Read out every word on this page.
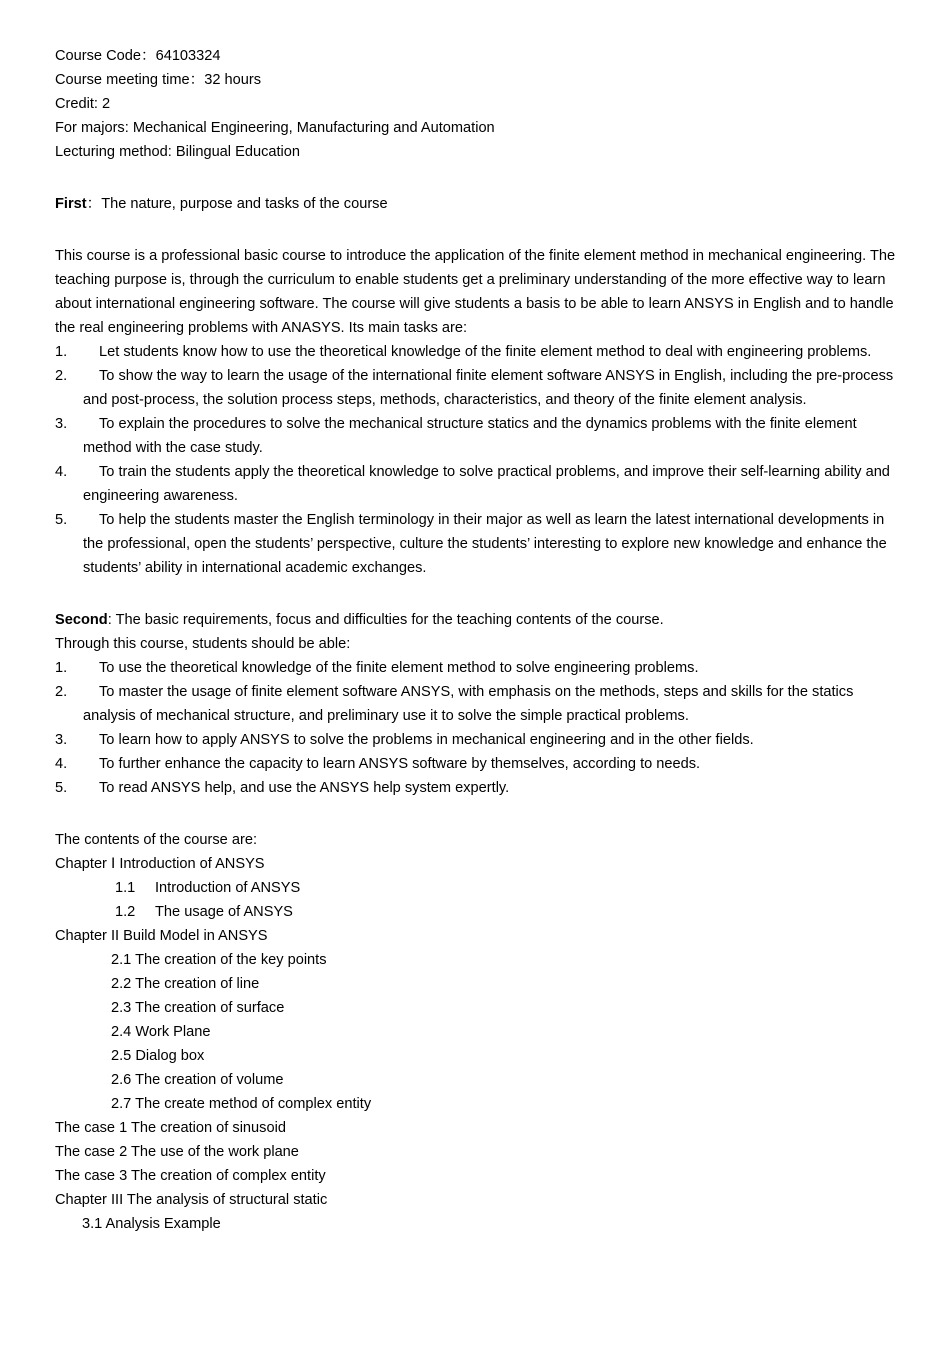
Course Code：64103324
Course meeting time：32 hours
Credit: 2
For majors: Mechanical Engineering, Manufacturing and Automation
Lecturing method: Bilingual Education
First：The nature, purpose and tasks of the course
This course is a professional basic course to introduce the application of the finite element method in mechanical engineering. The teaching purpose is, through the curriculum to enable students get a preliminary understanding of the more effective way to learn about international engineering software. The course will give students a basis to be able to learn ANSYS in English and to handle the real engineering problems with ANASYS. Its main tasks are:
1.	Let students know how to use the theoretical knowledge of the finite element method to deal with engineering problems.
2.	To show the way to learn the usage of the international finite element software ANSYS in English, including the pre-process and post-process, the solution process steps, methods, characteristics, and theory of the finite element analysis.
3.	To explain the procedures to solve the mechanical structure statics and the dynamics problems with the finite element method with the case study.
4.	To train the students apply the theoretical knowledge to solve practical problems, and improve their self-learning ability and engineering awareness.
5.	To help the students master the English terminology in their major as well as learn the latest international developments in the professional, open the students’ perspective, culture the students’ interesting to explore new knowledge and enhance the students’ ability in international academic exchanges.
Second: The basic requirements, focus and difficulties for the teaching contents of the course.
Through this course, students should be able:
1.	To use the theoretical knowledge of the finite element method to solve engineering problems.
2.	To master the usage of finite element software ANSYS, with emphasis on the methods, steps and skills for the statics analysis of mechanical structure, and preliminary use it to solve the simple practical problems.
3.	To learn how to apply ANSYS to solve the problems in mechanical engineering and in the other fields.
4.	To further enhance the capacity to learn ANSYS software by themselves, according to needs.
5.	To read ANSYS help, and use the ANSYS help system expertly.
The contents of the course are:
Chapter Ⅰ Introduction of ANSYS
1.1 Introduction of ANSYS
1.2 The usage of ANSYS
Chapter II Build Model in ANSYS
2.1 The creation of the key points
2.2 The creation of line
2.3 The creation of surface
2.4 Work Plane
2.5 Dialog box
2.6 The creation of volume
2.7 The create method of complex entity
The case 1 The creation of sinusoid
The case 2 The use of the work plane
The case 3 The creation of complex entity
Chapter III The analysis of structural static
3.1 Analysis Example
